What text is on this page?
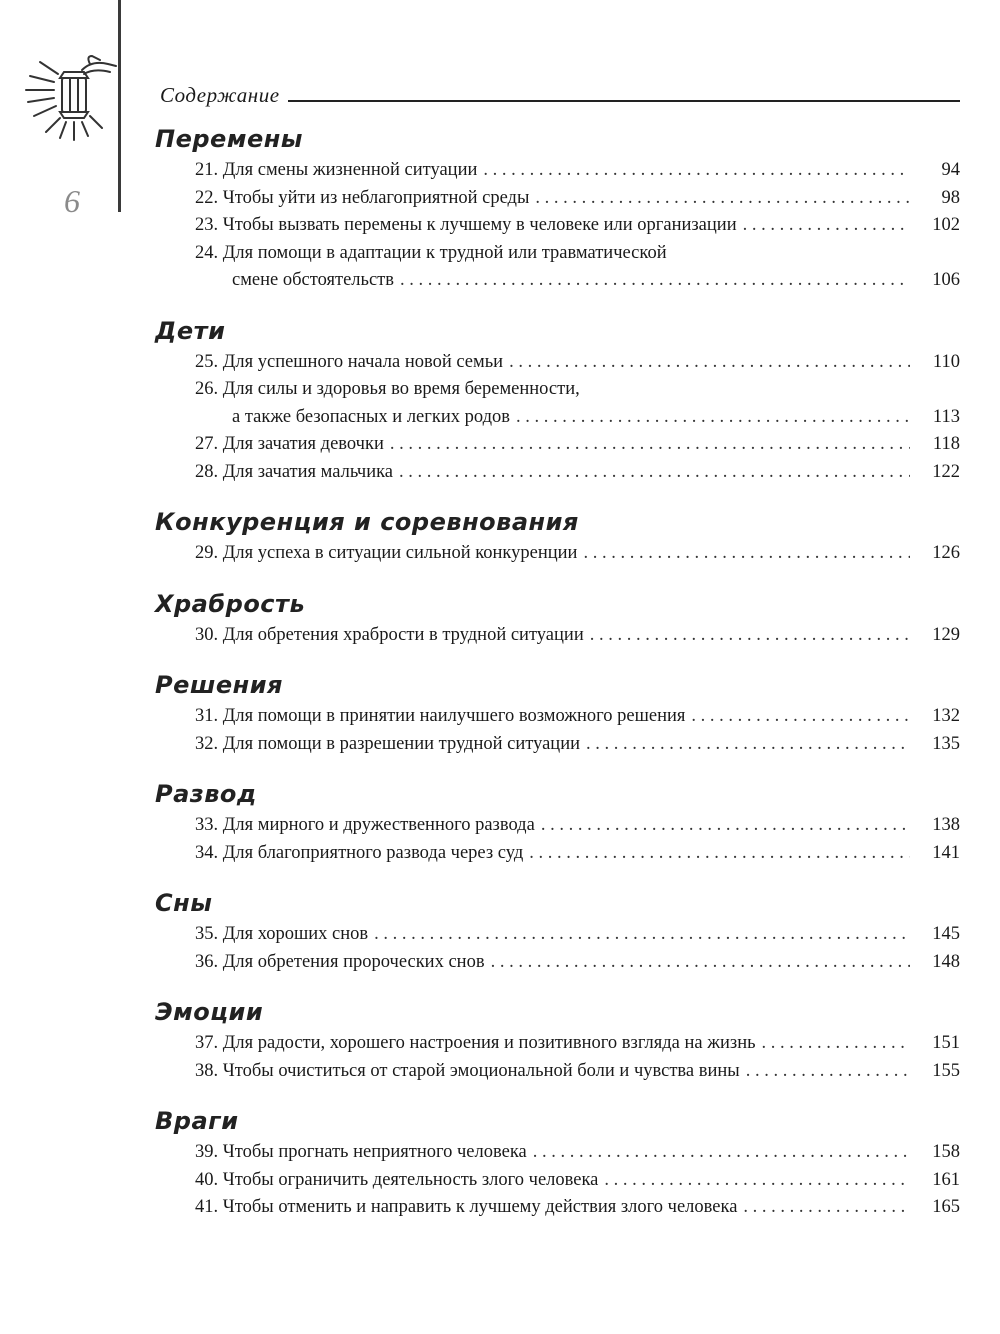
6
Содержание
Перемены
21. Для смены жизненной ситуации . . .	94
22. Чтобы уйти из неблагоприятной среды . . .	98
23. Чтобы вызвать перемены к лучшему в человеке или организации . . .	102
24. Для помощи в адаптации к трудной или травматической
смене обстоятельств . . .	106
Дети
25. Для успешного начала новой семьи . . .	110
26. Для силы и здоровья во время беременности,
а также безопасных и легких родов . . .	113
27. Для зачатия девочки . . .	118
28. Для зачатия мальчика . . .	122
Конкуренция и соревнования
29. Для успеха в ситуации сильной конкуренции . . .	126
Храбрость
30. Для обретения храбрости в трудной ситуации . . .	129
Решения
31. Для помощи в принятии наилучшего возможного решения . . .	132
32. Для помощи в разрешении трудной ситуации . . .	135
Развод
33. Для мирного и дружественного развода . . .	138
34. Для благоприятного развода через суд . . .	141
Сны
35. Для хороших снов . . .	145
36. Для обретения пророческих снов . . .	148
Эмоции
37. Для радости, хорошего настроения и позитивного взгляда на жизнь . . .	151
38. Чтобы очиститься от старой эмоциональной боли и чувства вины . . .	155
Враги
39. Чтобы прогнать неприятного человека . . .	158
40. Чтобы ограничить деятельность злого человека . . .	161
41. Чтобы отменить и направить к лучшему действия злого человека . . .	165
